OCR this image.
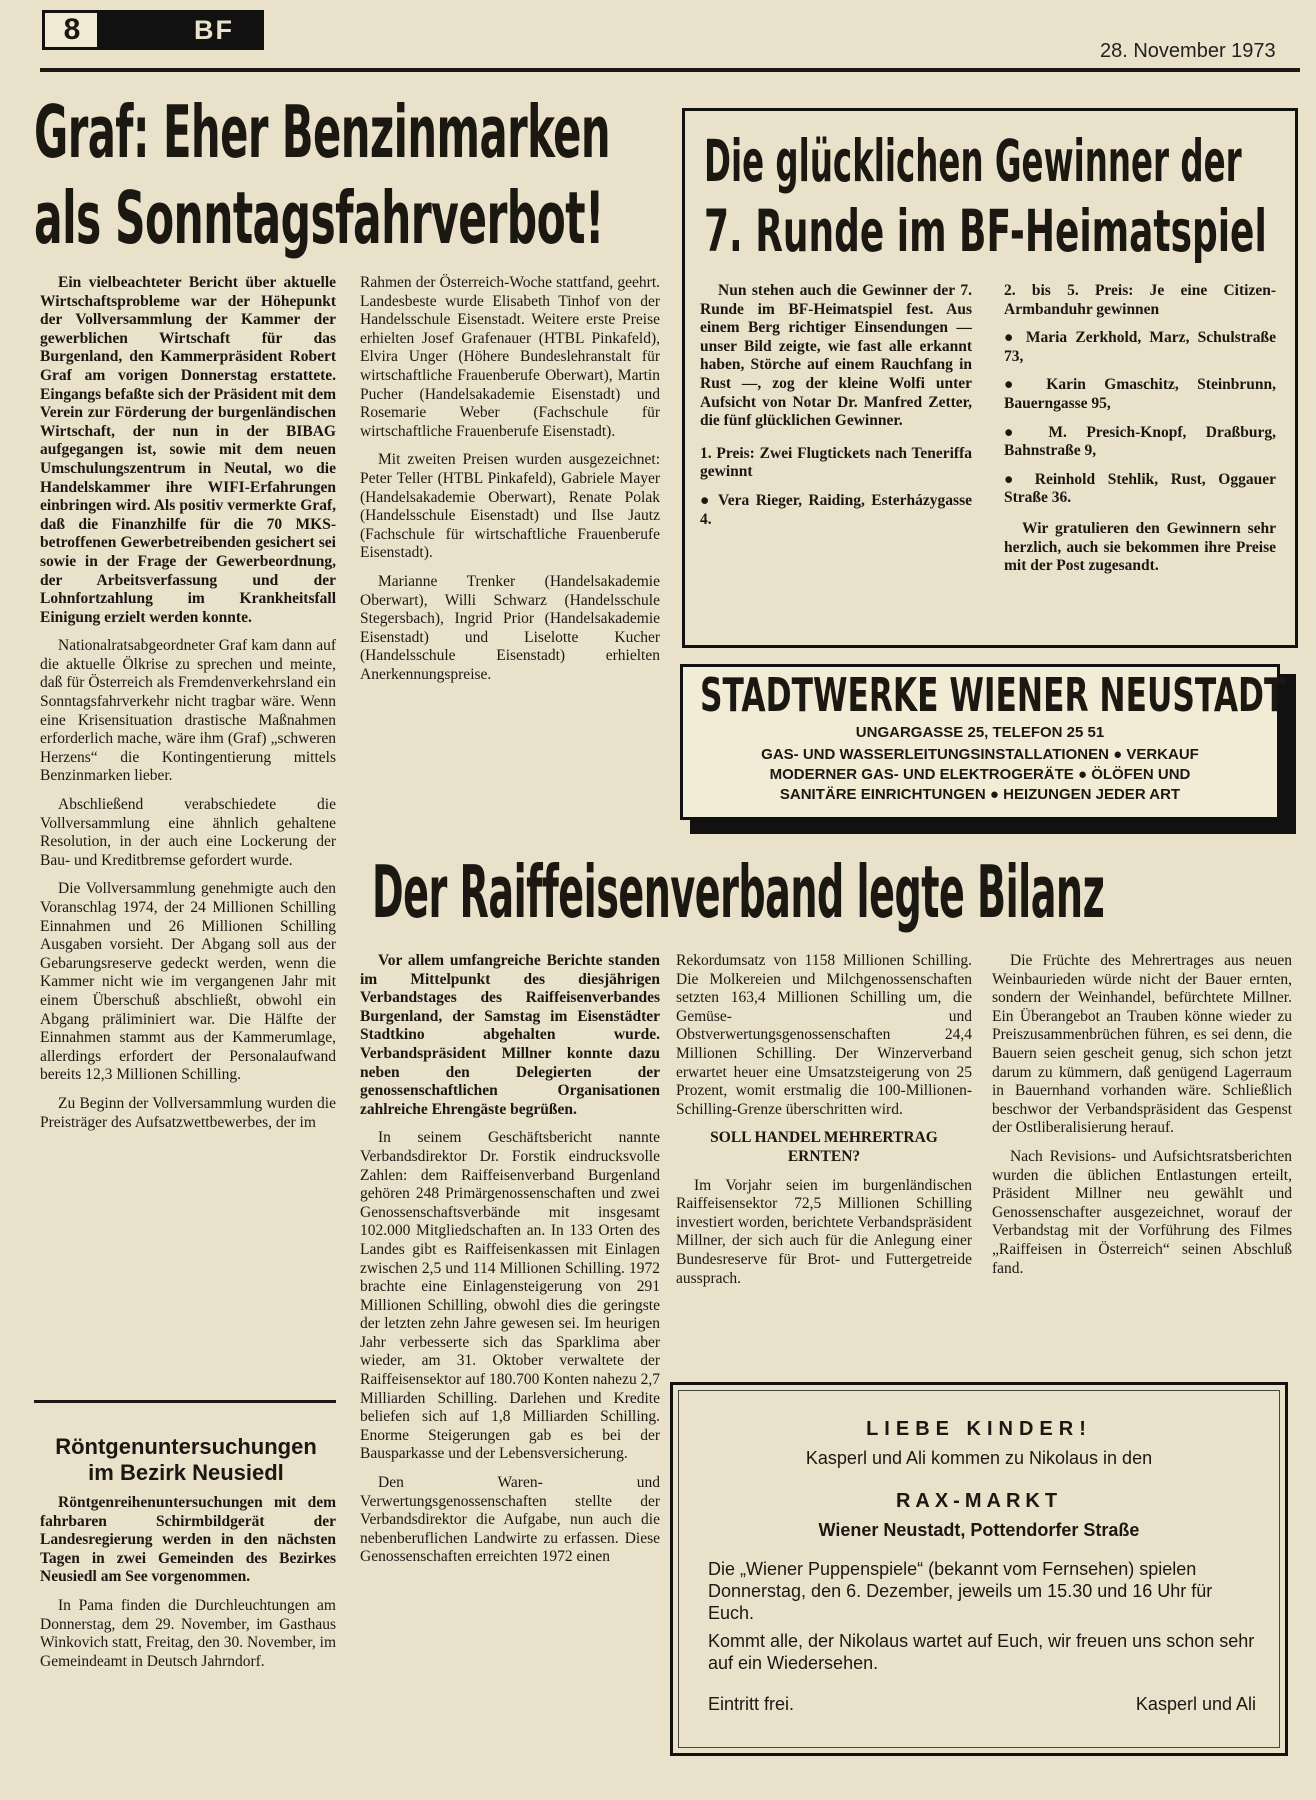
8	BF
28. November 1973
Graf: Eher Benzinmarken
als Sonntagsfahrverbot!

Ein vielbeachteter Bericht über aktuelle Wirtschaftsprobleme war der Höhepunkt der Vollversammlung der Kammer der gewerblichen Wirtschaft für das Burgenland, den Kammerpräsident Robert Graf am vorigen Donnerstag erstattete. Eingangs befaßte sich der Präsident mit dem Verein zur Förderung der burgenländischen Wirtschaft, der nun in der BIBAG aufgegangen ist, sowie mit dem neuen Umschulungszentrum in Neutal, wo die Handelskammer ihre WIFI-Erfahrungen einbringen wird. Als positiv vermerkte Graf, daß die Finanzhilfe für die 70 MKS-betroffenen Gewerbetreibenden gesichert sei sowie in der Frage der Gewerbeordnung, der Arbeitsverfassung und der Lohnfortzahlung im Krankheitsfall Einigung erzielt werden konnte.

Nationalratsabgeordneter Graf kam dann auf die aktuelle Ölkrise zu sprechen und meinte, daß für Österreich als Fremdenverkehrsland ein Sonntagsfahrverkehr nicht tragbar wäre. Wenn eine Krisensituation drastische Maßnahmen erforderlich mache, wäre ihm (Graf) „schweren Herzens“ die Kontingentierung mittels Benzinmarken lieber.

Abschließend verabschiedete die Vollversammlung eine ähnlich gehaltene Resolution, in der auch eine Lockerung der Bau- und Kreditbremse gefordert wurde.

Die Vollversammlung genehmigte auch den Voranschlag 1974, der 24 Millionen Schilling Einnahmen und 26 Millionen Schilling Ausgaben vorsieht. Der Abgang soll aus der Gebarungsreserve gedeckt werden, wenn die Kammer nicht wie im vergangenen Jahr mit einem Überschuß abschließt, obwohl ein Abgang präliminiert war. Die Hälfte der Einnahmen stammt aus der Kammerumlage, allerdings erfordert der Personalaufwand bereits 12,3 Millionen Schilling.

Zu Beginn der Vollversammlung wurden die Preisträger des Aufsatzwettbewerbes, der im

Rahmen der Österreich-Woche stattfand, geehrt. Landesbeste wurde Elisabeth Tinhof von der Handelsschule Eisenstadt. Weitere erste Preise erhielten Josef Grafenauer (HTBL Pinkafeld), Elvira Unger (Höhere Bundeslehranstalt für wirtschaftliche Frauenberufe Oberwart), Martin Pucher (Handelsakademie Eisenstadt) und Rosemarie Weber (Fachschule für wirtschaftliche Frauenberufe Eisenstadt).

Mit zweiten Preisen wurden ausgezeichnet: Peter Teller (HTBL Pinkafeld), Gabriele Mayer (Handelsakademie Oberwart), Renate Polak (Handelsschule Eisenstadt) und Ilse Jautz (Fachschule für wirtschaftliche Frauenberufe Eisenstadt).

Marianne Trenker (Handelsakademie Oberwart), Willi Schwarz (Handelsschule Stegersbach), Ingrid Prior (Handelsakademie Eisenstadt) und Liselotte Kucher (Handelsschule Eisenstadt) erhielten Anerkennungspreise.

Röntgenuntersuchungen
im Bezirk Neusiedl

Röntgenreihenuntersuchungen mit dem fahrbaren Schirmbildgerät der Landesregierung werden in den nächsten Tagen in zwei Gemeinden des Bezirkes Neusiedl am See vorgenommen.

In Pama finden die Durchleuchtungen am Donnerstag, dem 29. November, im Gasthaus Winkovich statt, Freitag, den 30. November, im Gemeindeamt in Deutsch Jahrndorf.

Die glücklichen Gewinner der
7. Runde im BF-Heimatspiel

Nun stehen auch die Gewinner der 7. Runde im BF-Heimatspiel fest. Aus einem Berg richtiger Einsendungen — unser Bild zeigte, wie fast alle erkannt haben, Störche auf einem Rauchfang in Rust —, zog der kleine Wolfi unter Aufsicht von Notar Dr. Manfred Zetter, die fünf glücklichen Gewinner.

1. Preis: Zwei Flugtickets nach Teneriffa gewinnt

● Vera Rieger, Raiding, Esterházygasse 4.

2. bis 5. Preis: Je eine Citizen-Armbanduhr gewinnen

● Maria Zerkhold, Marz, Schulstraße 73,

● Karin Gmaschitz, Steinbrunn, Bauerngasse 95,

● M. Presich-Knopf, Draßburg, Bahnstraße 9,

● Reinhold Stehlik, Rust, Oggauer Straße 36.

Wir gratulieren den Gewinnern sehr herzlich, auch sie bekommen ihre Preise mit der Post zugesandt.

STADTWERKE WIENER NEUSTADT
UNGARGASSE 25, TELEFON 25 51
GAS- UND WASSERLEITUNGSINSTALLATIONEN ● VERKAUF
MODERNER GAS- UND ELEKTROGERÄTE ● ÖLÖFEN UND
SANITÄRE EINRICHTUNGEN ● HEIZUNGEN JEDER ART
Der Raiffeisenverband legte Bilanz

Vor allem umfangreiche Berichte standen im Mittelpunkt des diesjährigen Verbandstages des Raiffeisenverbandes Burgenland, der Samstag im Eisenstädter Stadtkino abgehalten wurde. Verbandspräsident Millner konnte dazu neben den Delegierten der genossenschaftlichen Organisationen zahlreiche Ehrengäste begrüßen.

In seinem Geschäftsbericht nannte Verbandsdirektor Dr. Forstik eindrucksvolle Zahlen: dem Raiffeisenverband Burgenland gehören 248 Primärgenossenschaften und zwei Genossenschaftsverbände mit insgesamt 102.000 Mitgliedschaften an. In 133 Orten des Landes gibt es Raiffeisenkassen mit Einlagen zwischen 2,5 und 114 Millionen Schilling. 1972 brachte eine Einlagensteigerung von 291 Millionen Schilling, obwohl dies die geringste der letzten zehn Jahre gewesen sei. Im heurigen Jahr verbesserte sich das Sparklima aber wieder, am 31. Oktober verwaltete der Raiffeisensektor auf 180.700 Konten nahezu 2,7 Milliarden Schilling. Darlehen und Kredite beliefen sich auf 1,8 Milliarden Schilling. Enorme Steigerungen gab es bei der Bausparkasse und der Lebensversicherung.

Den Waren- und Verwertungsgenossenschaften stellte der Verbandsdirektor die Aufgabe, nun auch die nebenberuflichen Landwirte zu erfassen. Diese Genossenschaften erreichten 1972 einen

Rekordumsatz von 1158 Millionen Schilling. Die Molkereien und Milchgenossenschaften setzten 163,4 Millionen Schilling um, die Gemüse- und Obstverwertungsgenossenschaften 24,4 Millionen Schilling. Der Winzerverband erwartet heuer eine Umsatzsteigerung von 25 Prozent, womit erstmalig die 100-Millionen-Schilling-Grenze überschritten wird.

SOLL HANDEL MEHRERTRAG ERNTEN?

Im Vorjahr seien im burgenländischen Raiffeisensektor 72,5 Millionen Schilling investiert worden, berichtete Verbandspräsident Millner, der sich auch für die Anlegung einer Bundesreserve für Brot- und Futtergetreide aussprach.

Die Früchte des Mehrertrages aus neuen Weinbaurieden würde nicht der Bauer ernten, sondern der Weinhandel, befürchtete Millner. Ein Überangebot an Trauben könne wieder zu Preiszusammenbrüchen führen, es sei denn, die Bauern seien gescheit genug, sich schon jetzt darum zu kümmern, daß genügend Lagerraum in Bauernhand vorhanden wäre. Schließlich beschwor der Verbandspräsident das Gespenst der Ostliberalisierung herauf.

Nach Revisions- und Aufsichtsratsberichten wurden die üblichen Entlastungen erteilt, Präsident Millner neu gewählt und Genossenschafter ausgezeichnet, worauf der Verbandstag mit der Vorführung des Filmes „Raiffeisen in Österreich“ seinen Abschluß fand.

LIEBE KINDER!
Kasperl und Ali kommen zu Nikolaus in den
RAX-MARKT
Wiener Neustadt, Pottendorfer Straße
Die „Wiener Puppenspiele“ (bekannt vom Fernsehen) spielen Donnerstag, den 6. Dezember, jeweils um 15.30 und 16 Uhr für Euch.
Kommt alle, der Nikolaus wartet auf Euch, wir freuen uns schon sehr auf ein Wiedersehen.
Eintritt frei.	Kasperl und Ali
